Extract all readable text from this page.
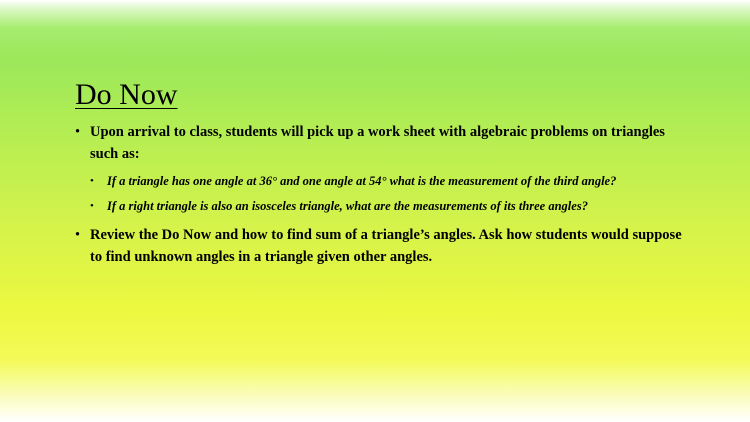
Do Now
• Upon arrival to class, students will pick up a work sheet with algebraic problems on triangles such as:
• If a triangle has one angle at 36° and one angle at 54° what is the measurement of the third angle?
• If a right triangle is also an isosceles triangle, what are the measurements of its three angles?
• Review the Do Now and how to find sum of a triangle’s angles. Ask how students would suppose to find unknown angles in a triangle given other angles.
